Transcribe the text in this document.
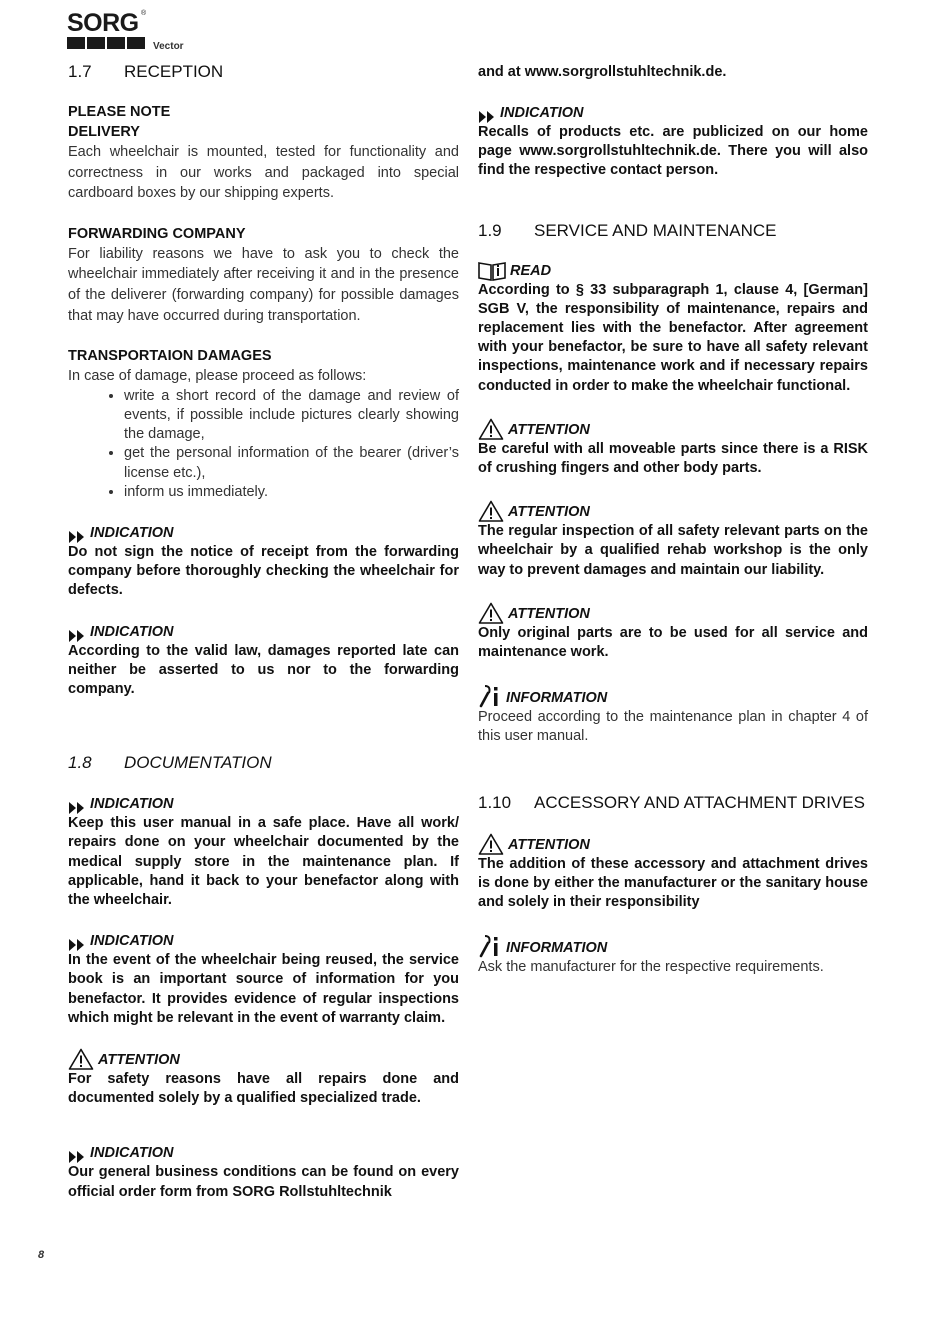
SORG ®
Vector
1.7 RECEPTION
PLEASE NOTE
DELIVERY

Each wheelchair is mounted, tested for functionality and correctness in our works and packaged into special cardboard boxes by our shipping experts.

FORWARDING COMPANY

For liability reasons we have to ask you to check the wheelchair immediately after receiving it and in the presence of the deliverer (forwarding company) for possible damages that may have occurred during transportation.

TRANSPORTAION DAMAGES

In case of damage, please proceed as follows:

• write a short record of the damage and review of events, if possible include pictures clearly showing the damage,
• get the personal information of the bearer (driver’s license etc.),
• inform us immediately.
INDICATION

Do not sign the notice of receipt from the forwarding company before thoroughly checking the wheelchair for defects.

INDICATION

According to the valid law, damages reported late can neither be asserted to us nor to the forwarding company.

1.8 DOCUMENTATION
INDICATION

Keep this user manual in a safe place. Have all work/ repairs done on your wheelchair documented by the medical supply store in the maintenance plan. If applicable, hand it back to your benefactor along with the wheelchair.

INDICATION

In the event of the wheelchair being reused, the service book is an important source of information for you benefactor. It provides evidence of regular inspections which might be relevant in the event of warranty claim.

ATTENTION

For safety reasons have all repairs done and documented solely by a qualified specialized trade.

INDICATION

Our general business conditions can be found on every official order form from SORG Rollstuhltechnik

and at www.sorgrollstuhltechnik.de.

INDICATION

Recalls of products etc. are publicized on our home page www.sorgrollstuhltechnik.de. There you will also find the respective contact person.

1.9 SERVICE AND MAINTENANCE
READ

According to § 33 subparagraph 1, clause 4, [German] SGB V, the responsibility of maintenance, repairs and replacement lies with the benefactor. After agreement with your benefactor, be sure to have all safety relevant inspections, maintenance work and if necessary repairs conducted in order to make the wheelchair functional.

ATTENTION

Be careful with all moveable parts since there is a RISK of crushing fingers and other body parts.

ATTENTION

The regular inspection of all safety relevant parts on the wheelchair by a qualified rehab workshop is the only way to prevent damages and maintain our liability.

ATTENTION

Only original parts are to be used for all service and maintenance work.

INFORMATION

Proceed according to the maintenance plan in chapter 4 of this user manual.

1.10 ACCESSORY AND ATTACHMENT DRIVES
ATTENTION

The addition of these accessory and attachment drives is done by either the manufacturer or the sanitary house and solely in their responsibility

INFORMATION

Ask the manufacturer for the respective requirements.

8
